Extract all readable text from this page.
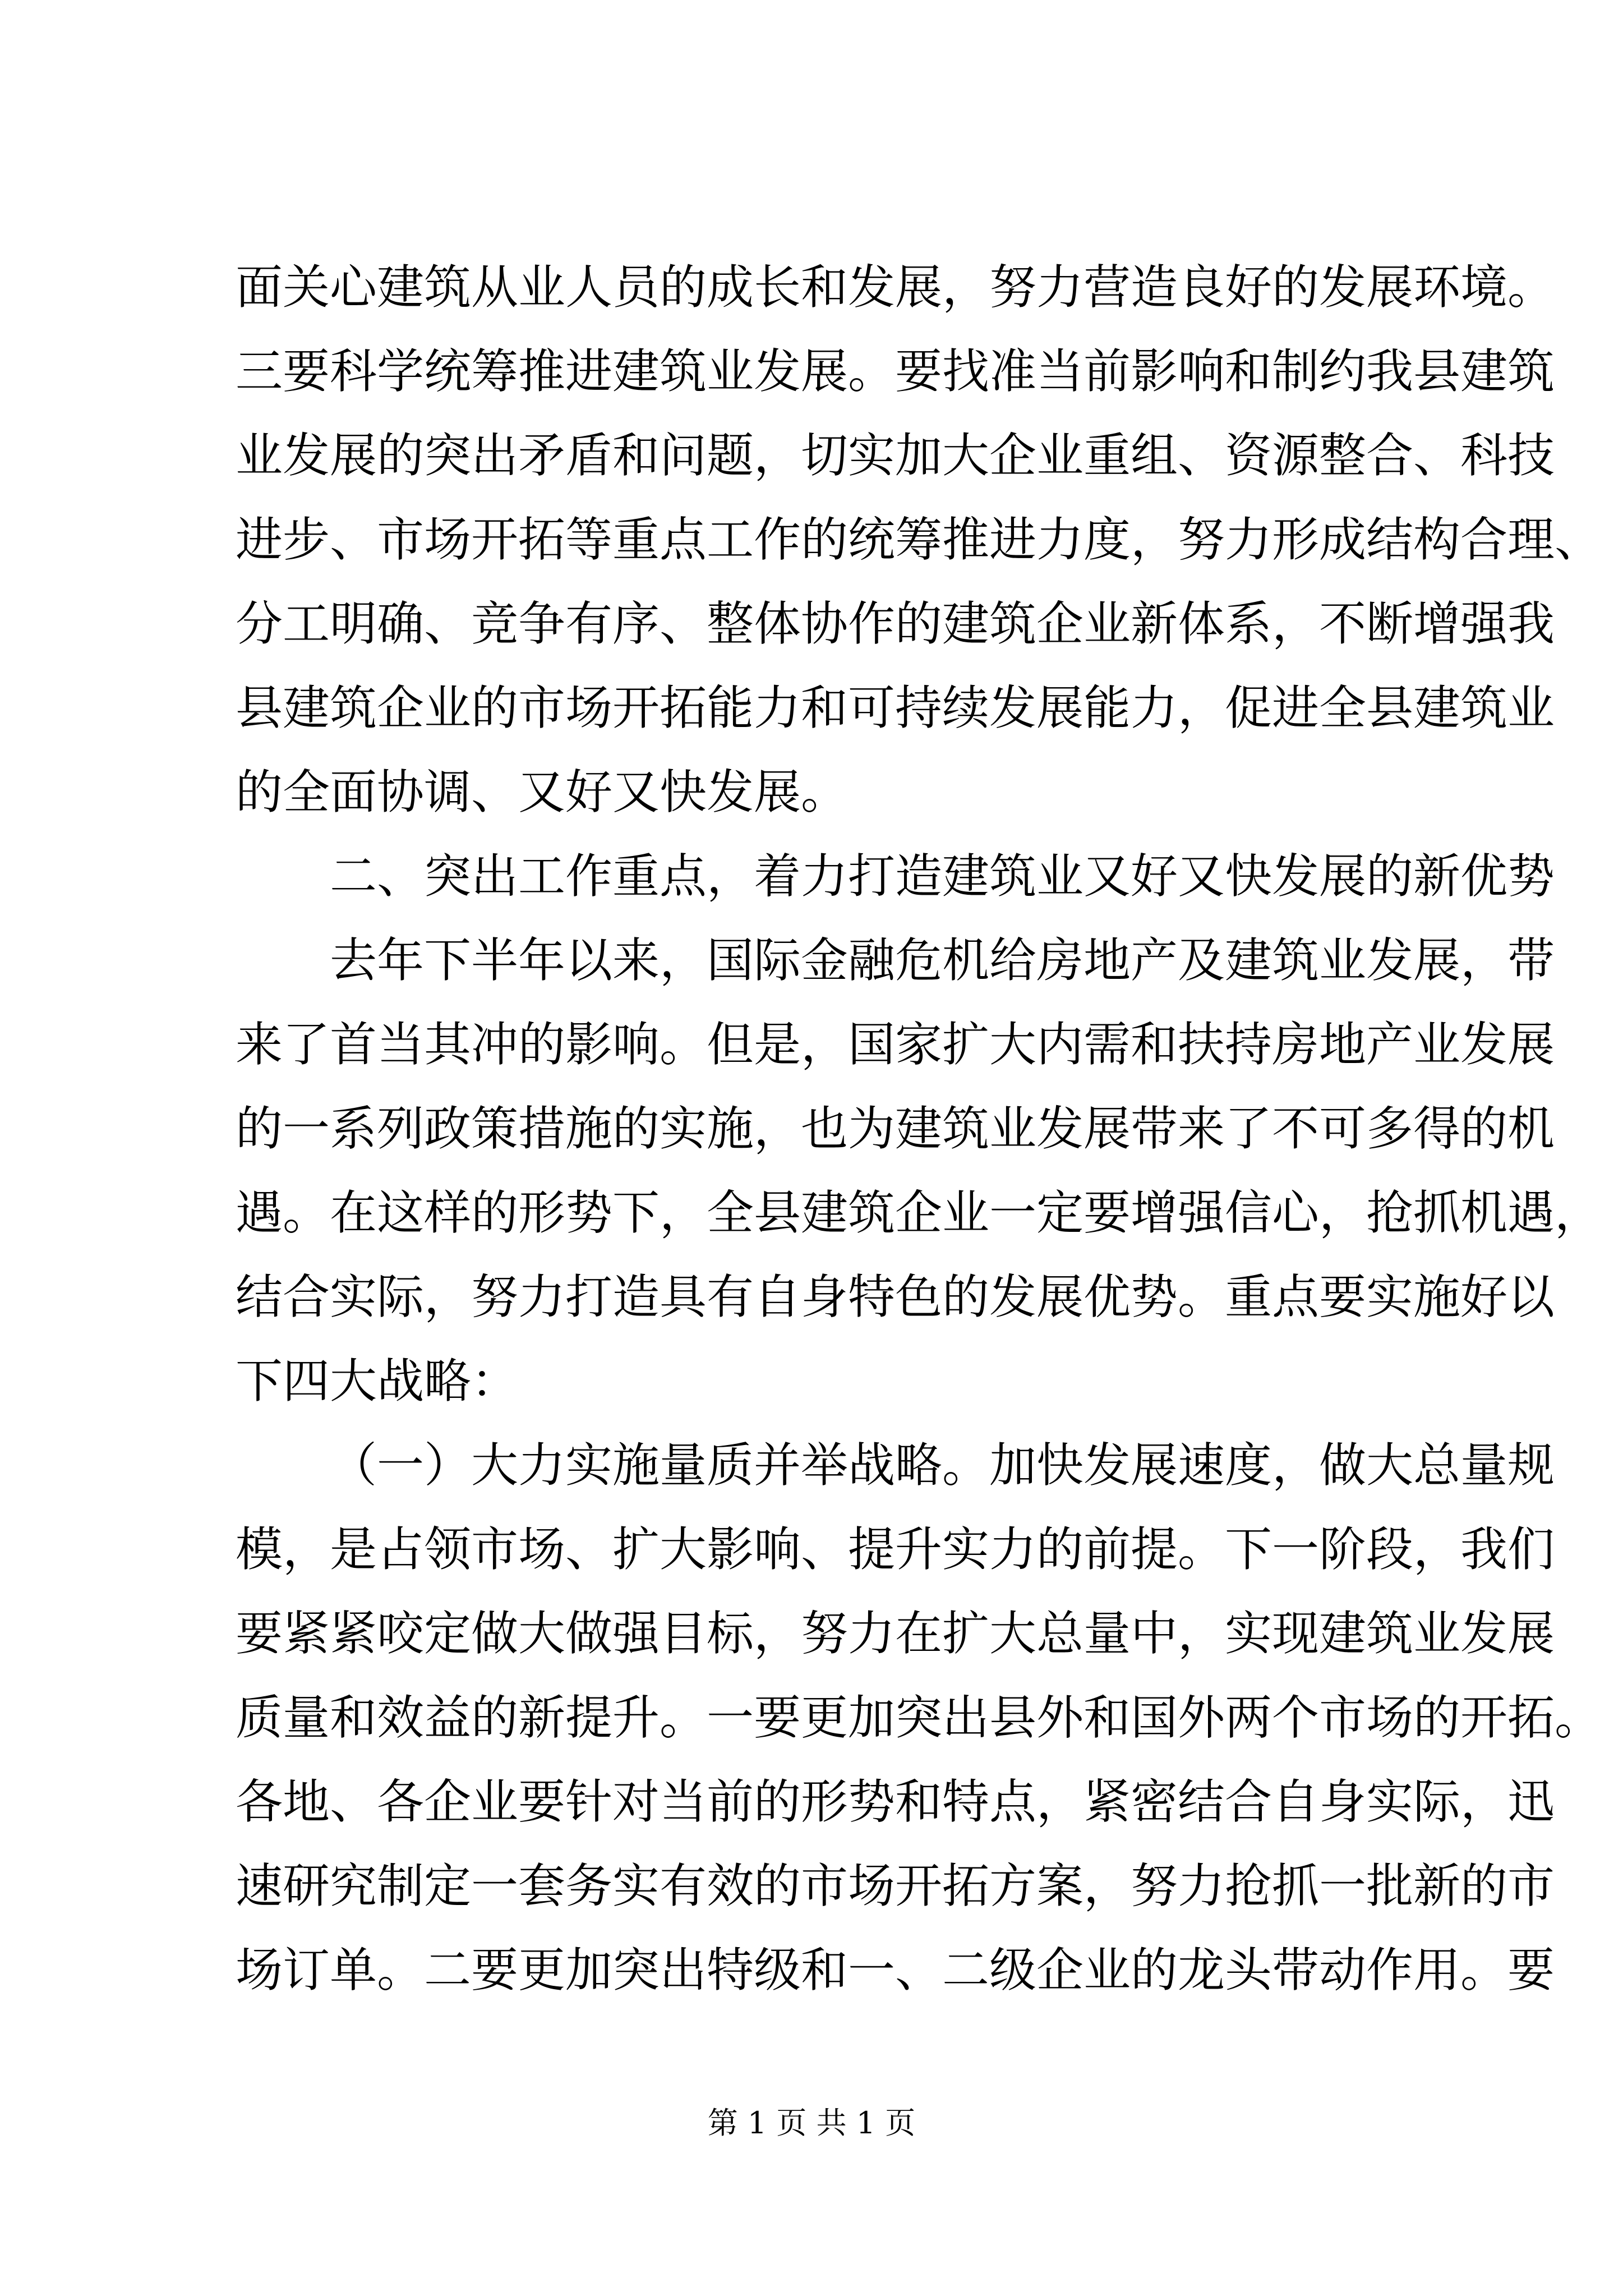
面关心建筑从业人员的成长和发展，努力营造良好的发展环境。
三要科学统筹推进建筑业发展。要找准当前影响和制约我县建筑
业发展的突出矛盾和问题，切实加大企业重组、资源整合、科技
进步、市场开拓等重点工作的统筹推进力度，努力形成结构合理、
分工明确、竞争有序、整体协作的建筑企业新体系，不断增强我
县建筑企业的市场开拓能力和可持续发展能力，促进全县建筑业
的全面协调、又好又快发展。
二、突出工作重点，着力打造建筑业又好又快发展的新优势
去年下半年以来，国际金融危机给房地产及建筑业发展，带
来了首当其冲的影响。但是，国家扩大内需和扶持房地产业发展
的一系列政策措施的实施，也为建筑业发展带来了不可多得的机
遇。在这样的形势下，全县建筑企业一定要增强信心，抢抓机遇，
结合实际，努力打造具有自身特色的发展优势。重点要实施好以
下四大战略：
（一）大力实施量质并举战略。加快发展速度，做大总量规
模，是占领市场、扩大影响、提升实力的前提。下一阶段，我们
要紧紧咬定做大做强目标，努力在扩大总量中，实现建筑业发展
质量和效益的新提升。一要更加突出县外和国外两个市场的开拓。
各地、各企业要针对当前的形势和特点，紧密结合自身实际，迅
速研究制定一套务实有效的市场开拓方案，努力抢抓一批新的市
场订单。二要更加突出特级和一、二级企业的龙头带动作用。要
第 1 页 共 1 页
